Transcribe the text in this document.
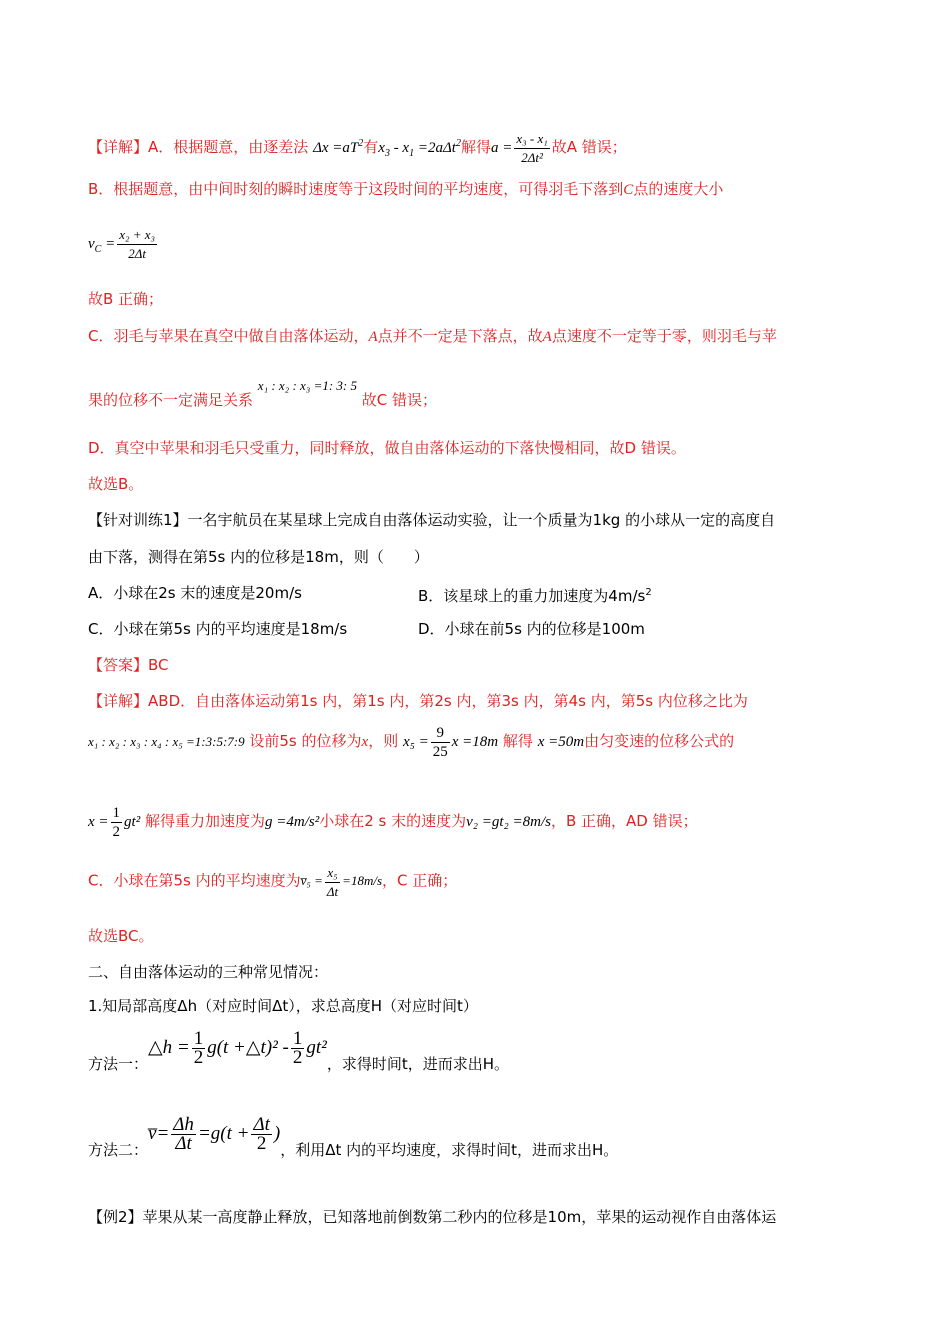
【详解】A．根据题意，由逐差法 $\Delta x =aT^2$有$x_3 - x_1 =2a\Delta t^2$解得$a = \frac{\text{x₃ - x₁}}{\text{2Δt²}}$ 故A 错误；
B．根据题意，由中间时刻的瞬时速度等于这段时间的平均速度，可得羽毛下落到C点的速度大小
$v_C = \frac{\text{x₂ + x₃}}{2\Delta t}$
故B 正确；
C．羽毛与苹果在真空中做自由落体运动，A点并不一定是下落点，故A点速度不一定等于零，则羽毛与苹
果的位移不一定满足关系 x₁ : x₂ : x₃ =1: 3: 5 故C 错误；
D．真空中苹果和羽毛只受重力，同时释放，做自由落体运动的下落快慢相同，故D 错误。
故选B。
【针对训练1】一名宇航员在某星球上完成自由落体运动实验，让一个质量为1kg 的小球从一定的高度自
由下落，测得在第5s 内的位移是18m，则（　　）
A．小球在2s 末的速度是20m/s	B．该星球上的重力加速度为$4m/s^2$
C．小球在第5s 内的平均速度是18m/s	D．小球在前5s 内的位移是100m
【答案】BC
【详解】ABD．自由落体运动第1s 内，第1s 内，第2s 内，第3s 内，第4s 内，第5s 内位移之比为
x₁ : x₂ : x₃ : x₄ : x₅ =1:3:5:7:9 设前5s 的位移为x，则 $x_5 = \frac{9}{25}$ x =18m 解得 x =50m由匀变速的位移公式的
$x = \frac{1}{2} gt^2$ 解得重力加速度为g =4m/s²小球在2 s 末的速度为v₂ =gt₂ =8m/s，B 正确，AD 错误；
C．小球在第5s 内的平均速度为v̅₅ = $\frac{\text{x₅}}{\Delta t} =18m/s$，C 正确；
故选BC。
二、自由落体运动的三种常见情况：
1.知局部高度Δh（对应时间Δt），求总高度H（对应时间t）
方法一：△h = $\frac{1}{2} g(t$ +△t)² - $\frac{1}{2} gt^2$，求得时间t，进而求出H。
方法二：v̅= $\frac{\Delta h}{\Delta t} =g(t + \frac{\Delta t}{2}$ )，利用Δt 内的平均速度，求得时间t，进而求出H。
【例2】苹果从某一高度静止释放，已知落地前倒数第二秒内的位移是10m，苹果的运动视作自由落体运
